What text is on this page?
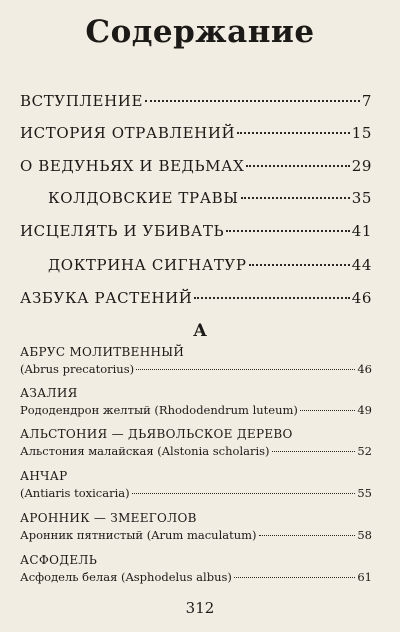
Содержание
ВСТУПЛЕНИЕ	7
ИСТОРИЯ ОТРАВЛЕНИЙ	15
О ВЕДУНЬЯХ И ВЕДЬМАХ	29
КОЛДОВСКИЕ ТРАВЫ	35
ИСЦЕЛЯТЬ И УБИВАТЬ	41
ДОКТРИНА СИГНАТУР	44
АЗБУКА РАСТЕНИЙ	46
А
АБРУС МОЛИТВЕННЫЙ
(Abrus precatorius)	46
АЗАЛИЯ
Рододендрон желтый (Rhododendrum luteum)	49
АЛЬСТОНИЯ — ДЬЯВОЛЬСКОЕ ДЕРЕВО
Альстония малайская (Alstonia scholaris)	52
АНЧАР
(Antiaris toxicaria)	55
АРОННИК — ЗМЕЕГОЛОВ
Аронник пятнистый (Arum maculatum)	58
АСФОДЕЛЬ
Асфодель белая (Asphodelus albus)	61
312
